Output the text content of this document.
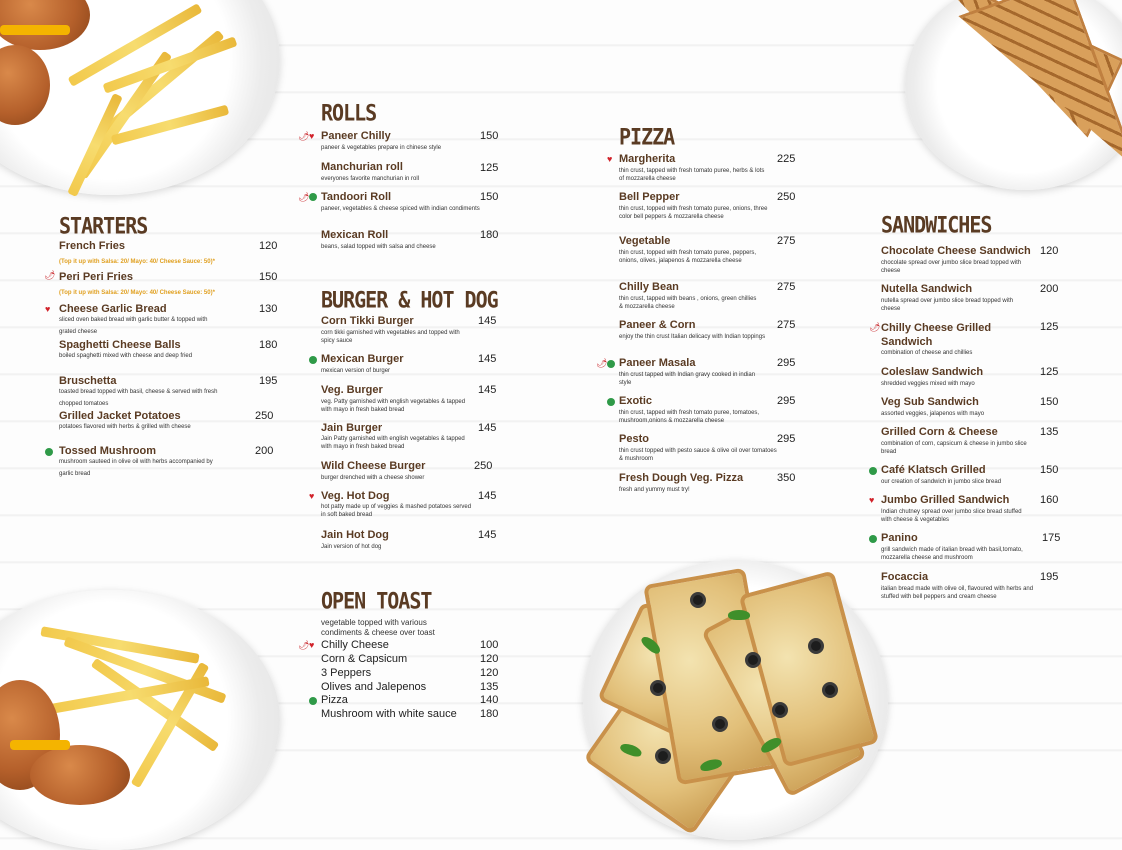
STARTERS
French Fries	120
(Top it up with Salsa: 20/ Mayo: 40/ Cheese Sauce: 50)*
🌶 Peri Peri Fries	150
(Top it up with Salsa: 20/ Mayo: 40/ Cheese Sauce: 50)*
♥ Cheese Garlic Bread	130
sliced oven baked bread with garlic butter & topped with grated cheese
Spaghetti Cheese Balls	180
boiled spaghetti mixed with cheese and deep fried
Bruschetta	195
toasted bread topped with basil, cheese & served with fresh chopped tomatoes
Grilled Jacket Potatoes	250
potatoes flavored with herbs & grilled with cheese
Tossed Mushroom	200
mushroom sauteed in olive oil with herbs accompanied by garlic bread
ROLLS
🌶 ♥ Paneer Chilly	150
paneer & vegetables prepare in chinese style
Manchurian roll	125
everyones favorite manchurian in roll
🌶 Tandoori Roll	150
paneer, vegetables & cheese spiced with indian condiments
Mexican Roll	180
beans, salad topped with salsa and cheese
BURGER & HOT DOG
Corn Tikki Burger	145
corn tikki garnished with vegetables and topped with spicy sauce
Mexican Burger	145
mexican version of burger
Veg. Burger	145
veg. Patty garnished with english vegetables & tapped with mayo in fresh baked bread
Jain Burger	145
Jain Patty garnished with english vegetables & tapped with mayo in fresh baked bread
Wild Cheese Burger	250
burger drenched with a cheese shower
♥ Veg. Hot Dog	145
hot patty made up of veggies & mashed potatoes served in soft baked bread
Jain Hot Dog	145
Jain version of hot dog
OPEN TOAST
vegetable topped with various condiments & cheese over toast
🌶 ♥ Chilly Cheese	100
Corn & Capsicum	120
3 Peppers	120
Olives and Jalepenos	135
Pizza	140
Mushroom with white sauce 180
PIZZA
♥ Margherita	225
thin crust, tapped with fresh tomato puree, herbs & lots of mozzarella cheese
Bell Pepper	250
thin crust, topped with fresh tomato puree, onions, three color bell peppers & mozzarella cheese
Vegetable	275
thin crust, topped with fresh tomato puree, peppers, onions, olives, jalapenos & mozzarella cheese
Chilly Bean	275
thin crust, tapped with beans , onions, green chillies & mozzarella cheese
Paneer & Corn	275
enjoy the thin crust Italian delicacy with Indian toppings
🌶 Paneer Masala	295
thin crust tapped with Indian gravy cooked in indian style
Exotic	295
thin crust, tapped with fresh tomato puree, tomatoes, mushroom,onions & mozzarella cheese
Pesto	295
thin crust topped with pesto sauce & olive oil over tomatoes & mushroom
Fresh Dough Veg. Pizza	350
fresh and yummy must try!
SANDWICHES
Chocolate Cheese Sandwich 120
chocolate spread over jumbo slice bread topped with cheese
Nutella Sandwich	200
nutella spread over jumbo slice bread topped with cheese
🌶 Chilly Cheese Grilled Sandwich
125
combination of cheese and chillies
Coleslaw Sandwich	125
shredded veggies mixed with mayo
Veg Sub Sandwich	150
assorted veggies, jalapenos with mayo
Grilled Corn & Cheese	135
combination of corn, capsicum & cheese in jumbo slice bread
Café Klatsch Grilled	150
our creation of sandwich in jumbo slice bread
♥ Jumbo Grilled Sandwich	160
Indian chutney spread over jumbo slice bread stuffed with cheese & vegetables
Panino	175
grill sandwich made of italian bread with basil,tomato, mozzarella cheese and mushroom
Focaccia	195
italian bread made with olive oil, flavoured with herbs and stuffed with bell peppers and cream cheese
